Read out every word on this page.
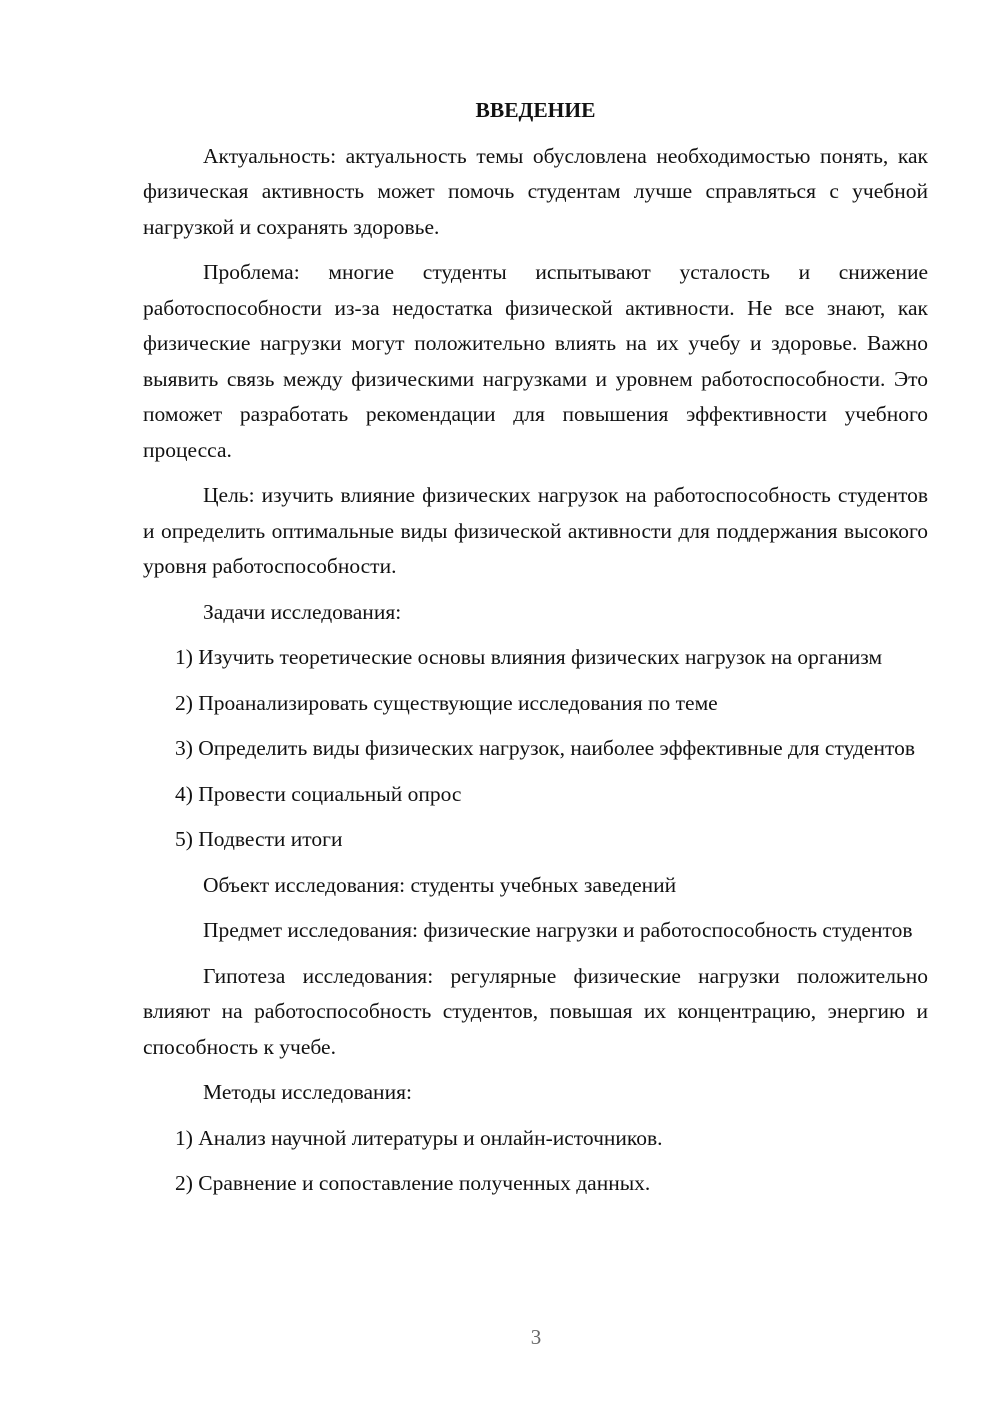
ВВЕДЕНИЕ

Актуальность: актуальность темы обусловлена необходимостью понять, как физическая активность может помочь студентам лучше справляться с учебной нагрузкой и сохранять здоровье.

Проблема: многие студенты испытывают усталость и снижение работоспособности из-за недостатка физической активности. Не все знают, как физические нагрузки могут положительно влиять на их учебу и здоровье. Важно выявить связь между физическими нагрузками и уровнем работоспособности. Это поможет разработать рекомендации для повышения эффективности учебного процесса.

Цель: изучить влияние физических нагрузок на работоспособность студентов и определить оптимальные виды физической активности для поддержания высокого уровня работоспособности.

Задачи исследования:

1) Изучить теоретические основы влияния физических нагрузок на организм

2) Проанализировать существующие исследования по теме

3) Определить виды физических нагрузок, наиболее эффективные для студентов

4) Провести социальный опрос

5) Подвести итоги

Объект исследования: студенты учебных заведений

Предмет исследования: физические нагрузки и работоспособность студентов

Гипотеза исследования: регулярные физические нагрузки положительно влияют на работоспособность студентов, повышая их концентрацию, энергию и способность к учебе.

Методы исследования:

1) Анализ научной литературы и онлайн-источников.

2) Сравнение и сопоставление полученных данных.

3
